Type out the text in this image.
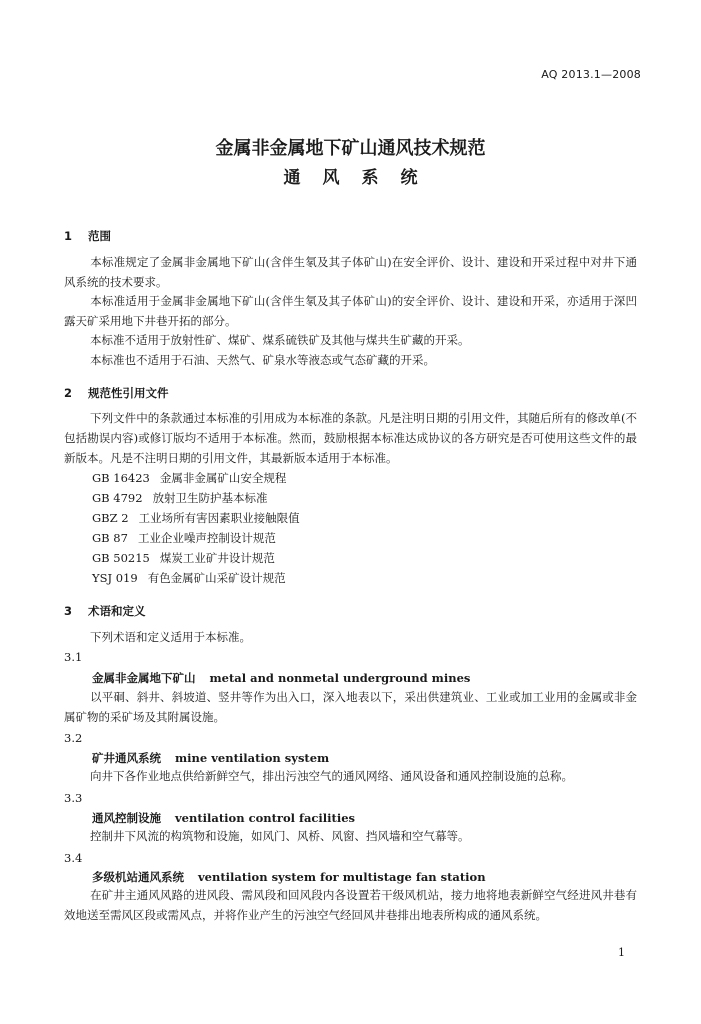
AQ 2013.1—2008
金属非金属地下矿山通风技术规范
通风系统
1 范围
本标准规定了金属非金属地下矿山(含伴生氡及其子体矿山)在安全评价、设计、建设和开采过程中对井下通风系统的技术要求。
本标准适用于金属非金属地下矿山(含伴生氡及其子体矿山)的安全评价、设计、建设和开采，亦适用于深凹露天矿采用地下井巷开拓的部分。
本标准不适用于放射性矿、煤矿、煤系硫铁矿及其他与煤共生矿藏的开采。
本标准也不适用于石油、天然气、矿泉水等液态或气态矿藏的开采。
2 规范性引用文件
下列文件中的条款通过本标准的引用成为本标准的条款。凡是注明日期的引用文件，其随后所有的修改单(不包括勘误内容)或修订版均不适用于本标准。然而，鼓励根据本标准达成协议的各方研究是否可使用这些文件的最新版本。凡是不注明日期的引用文件，其最新版本适用于本标准。
GB 16423 金属非金属矿山安全规程
GB 4792 放射卫生防护基本标准
GBZ 2 工业场所有害因素职业接触限值
GB 87 工业企业噪声控制设计规范
GB 50215 煤炭工业矿井设计规范
YSJ 019 有色金属矿山采矿设计规范
3 术语和定义
下列术语和定义适用于本标准。
3.1
金属非金属地下矿山 metal and nonmetal underground mines
以平硐、斜井、斜坡道、竖井等作为出入口，深入地表以下，采出供建筑业、工业或加工业用的金属或非金属矿物的采矿场及其附属设施。
3.2
矿井通风系统 mine ventilation system
向井下各作业地点供给新鲜空气，排出污浊空气的通风网络、通风设备和通风控制设施的总称。
3.3
通风控制设施 ventilation control facilities
控制井下风流的构筑物和设施，如风门、风桥、风窗、挡风墙和空气幕等。
3.4
多级机站通风系统 ventilation system for multistage fan station
在矿井主通风风路的进风段、需风段和回风段内各设置若干级风机站，接力地将地表新鲜空气经进风井巷有效地送至需风区段或需风点，并将作业产生的污浊空气经回风井巷排出地表所构成的通风系统。
1
